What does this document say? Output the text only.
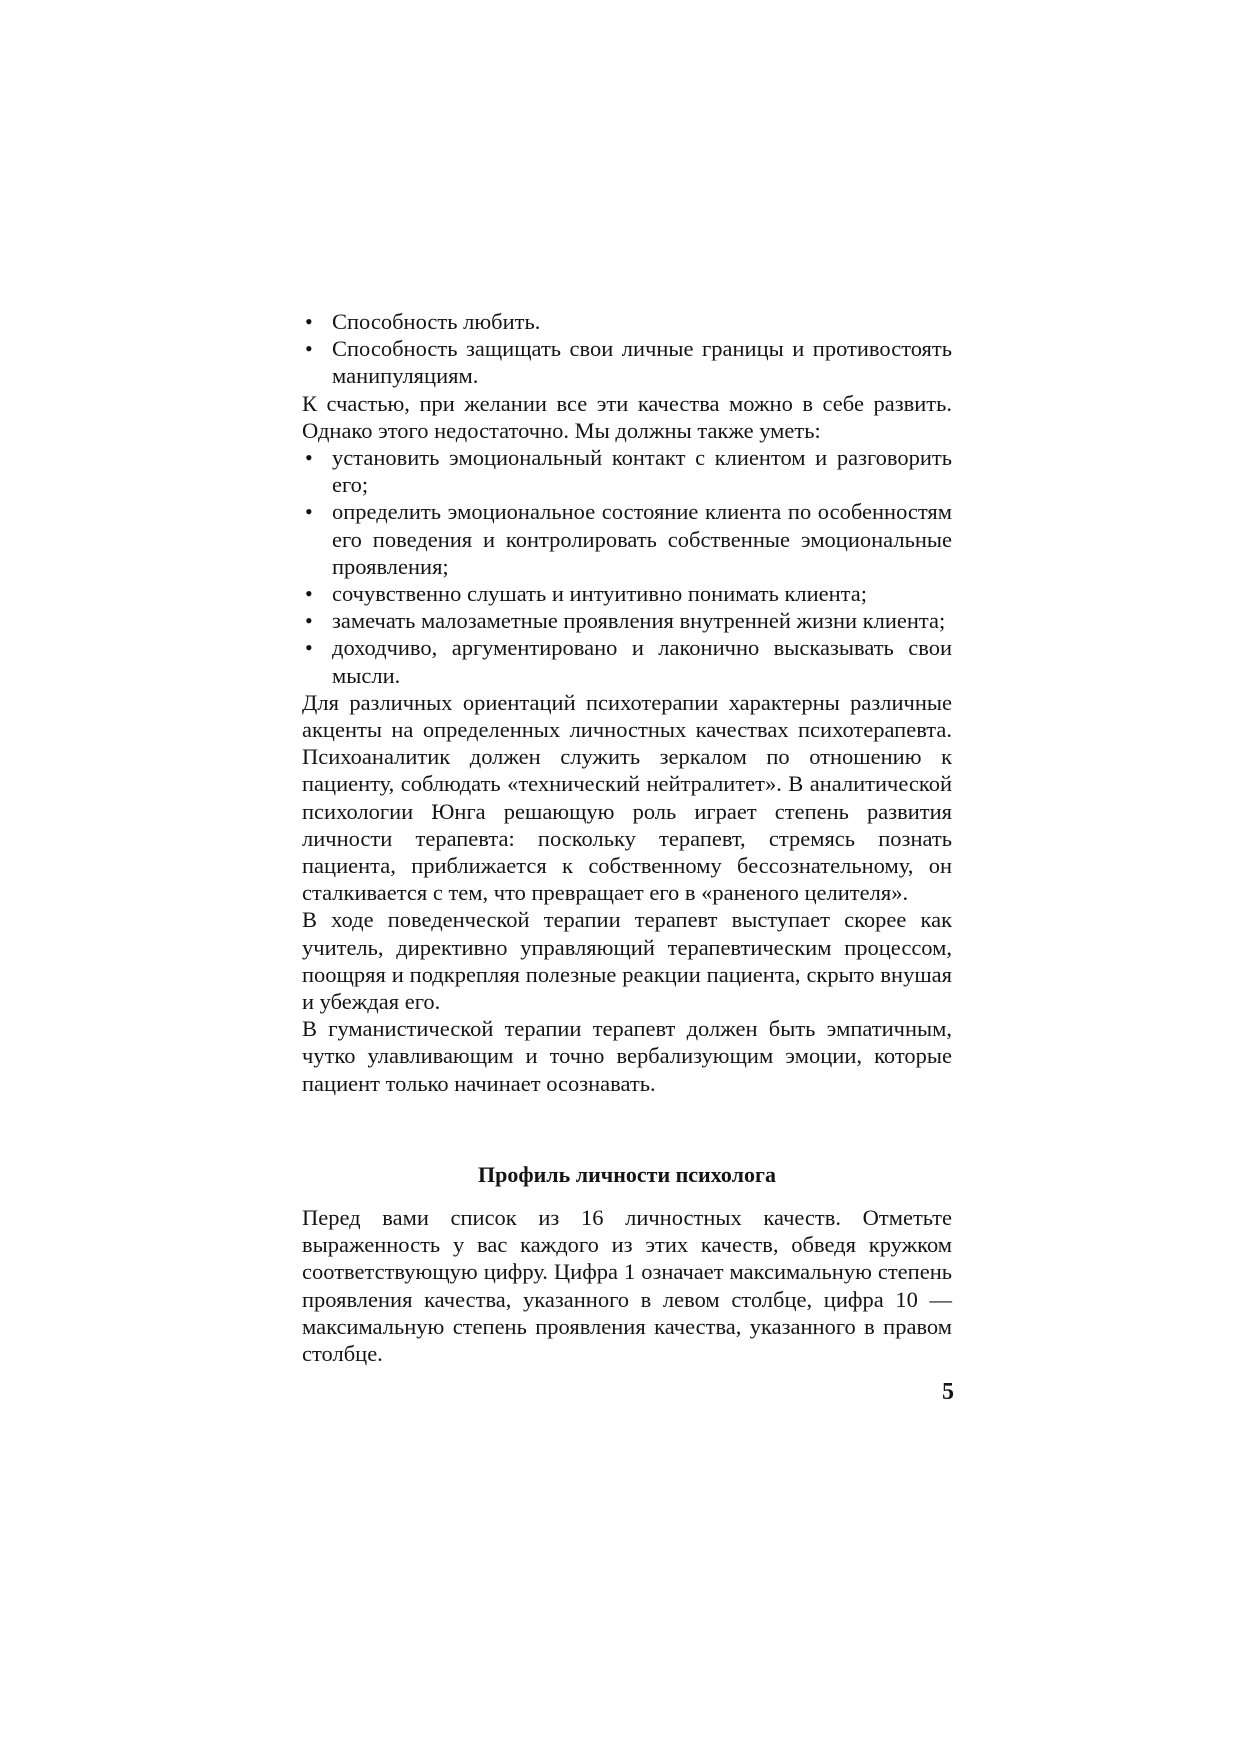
• Способность любить.
• Способность защищать свои личные границы и противостоять манипуляциям.

К счастью, при желании все эти качества можно в себе развить. Однако этого недостаточно. Мы должны также уметь:

• установить эмоциональный контакт с клиентом и разговорить его;
• определить эмоциональное состояние клиента по особенностям его поведения и контролировать собственные эмоциональные проявления;
• сочувственно слушать и интуитивно понимать клиента;
• замечать малозаметные проявления внутренней жизни клиента;
• доходчиво, аргументировано и лаконично высказывать свои мысли.

Для различных ориентаций психотерапии характерны различные акценты на определенных личностных качествах психотерапевта. Психоаналитик должен служить зеркалом по отношению к пациенту, соблюдать «технический нейтралитет». В аналитической психологии Юнга решающую роль играет степень развития личности терапевта: поскольку терапевт, стремясь познать пациента, приближается к собственному бессознательному, он сталкивается с тем, что превращает его в «раненого целителя».

В ходе поведенческой терапии терапевт выступает скорее как учитель, директивно управляющий терапевтическим процессом, поощряя и подкрепляя полезные реакции пациента, скрыто внушая и убеждая его.

В гуманистической терапии терапевт должен быть эмпатичным, чутко улавливающим и точно вербализующим эмоции, которые пациент только начинает осознавать.

Профиль личности психолога

Перед вами список из 16 личностных качеств. Отметьте выраженность у вас каждого из этих качеств, обведя кружком соответствующую цифру. Цифра 1 означает максимальную степень проявления качества, указанного в левом столбце, цифра 10 — максимальную степень проявления качества, указанного в правом столбце.

5
